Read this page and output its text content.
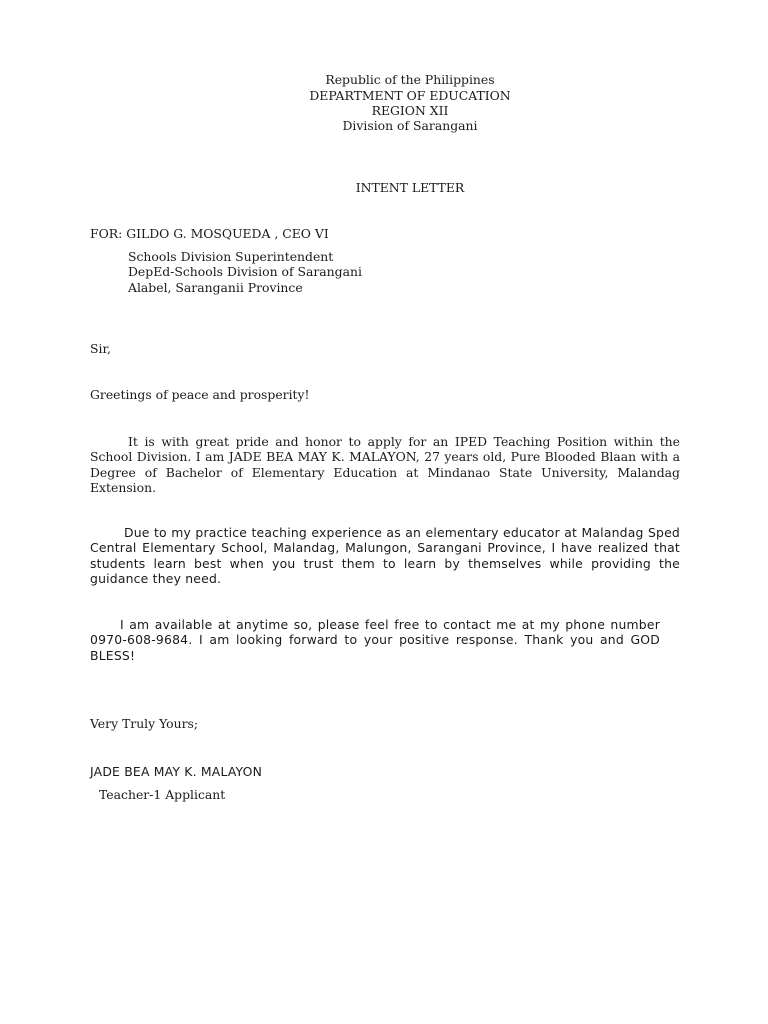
Republic of the Philippines
DEPARTMENT OF EDUCATION
REGION XII
Division of Sarangani
INTENT LETTER
FOR: GILDO G. MOSQUEDA , CEO VI
Schools Division Superintendent
DepEd-Schools Division of Sarangani
Alabel, Saranganii Province
Sir,
Greetings of peace and prosperity!
It is with great pride and honor to apply for an IPED Teaching Position within the School Division. I am JADE BEA MAY K. MALAYON, 27 years old, Pure Blooded Blaan with a Degree of Bachelor of Elementary Education at Mindanao State University, Malandag Extension.
Due to my practice teaching experience as an elementary educator at Malandag Sped Central Elementary School, Malandag, Malungon, Sarangani Province, I have realized that students learn best when you trust them to learn by themselves while providing the guidance they need.
I am available at anytime so, please feel free to contact me at my phone number 0970-608-9684. I am looking forward to your positive response. Thank you and GOD BLESS!
Very Truly Yours;
JADE BEA MAY K. MALAYON
Teacher-1 Applicant
